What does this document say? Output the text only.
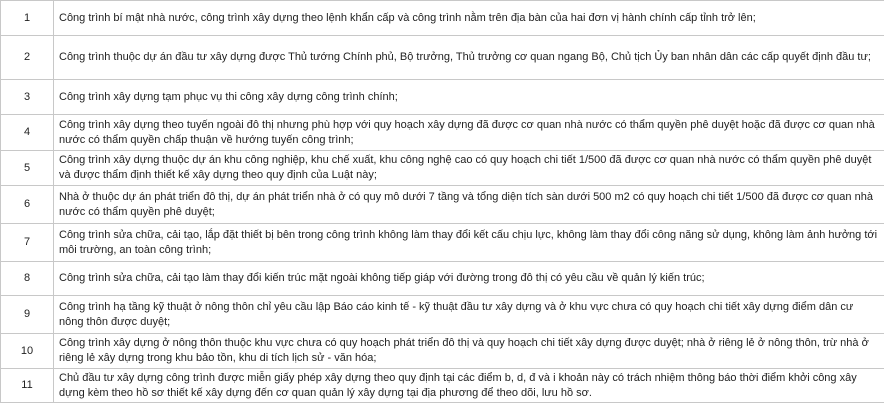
1	Công trình bí mật nhà nước, công trình xây dựng theo lệnh khẩn cấp và công trình nằm trên địa bàn của hai đơn vị hành chính cấp tỉnh trở lên;
2	Công trình thuộc dự án đầu tư xây dựng được Thủ tướng Chính phủ, Bộ trưởng, Thủ trưởng cơ quan ngang Bộ, Chủ tịch Ủy ban nhân dân các cấp quyết định đầu tư;
3	Công trình xây dựng tạm phục vụ thi công xây dựng công trình chính;
4	Công trình xây dựng theo tuyến ngoài đô thị nhưng phù hợp với quy hoạch xây dựng đã được cơ quan nhà nước có thẩm quyền phê duyệt hoặc đã được cơ quan nhà nước có thẩm quyền chấp thuận về hướng tuyến công trình;
5	Công trình xây dựng thuộc dự án khu công nghiệp, khu chế xuất, khu công nghệ cao có quy hoạch chi tiết 1/500 đã được cơ quan nhà nước có thẩm quyền phê duyệt và được thẩm định thiết kế xây dựng theo quy định của Luật này;
6	Nhà ở thuộc dự án phát triển đô thị, dự án phát triển nhà ở có quy mô dưới 7 tầng và tổng diện tích sàn dưới 500 m2 có quy hoạch chi tiết 1/500 đã được cơ quan nhà nước có thẩm quyền phê duyệt;
7	Công trình sửa chữa, cải tạo, lắp đặt thiết bị bên trong công trình không làm thay đổi kết cấu chịu lực, không làm thay đổi công năng sử dụng, không làm ảnh hưởng tới môi trường, an toàn công trình;
8	Công trình sửa chữa, cải tạo làm thay đổi kiến trúc mặt ngoài không tiếp giáp với đường trong đô thị có yêu cầu về quản lý kiến trúc;
9	Công trình hạ tầng kỹ thuật ở nông thôn chỉ yêu cầu lập Báo cáo kinh tế - kỹ thuật đầu tư xây dựng và ở khu vực chưa có quy hoạch chi tiết xây dựng điểm dân cư nông thôn được duyệt;
10	Công trình xây dựng ở nông thôn thuộc khu vực chưa có quy hoạch phát triển đô thị và quy hoạch chi tiết xây dựng được duyệt; nhà ở riêng lẻ ở nông thôn, trừ nhà ở riêng lẻ xây dựng trong khu bảo tồn, khu di tích lịch sử - văn hóa;
11	Chủ đầu tư xây dựng công trình được miễn giấy phép xây dựng theo quy định tại các điểm b, d, đ và i khoản này có trách nhiệm thông báo thời điểm khởi công xây dựng kèm theo hồ sơ thiết kế xây dựng đến cơ quan quản lý xây dựng tại địa phương để theo dõi, lưu hồ sơ.
